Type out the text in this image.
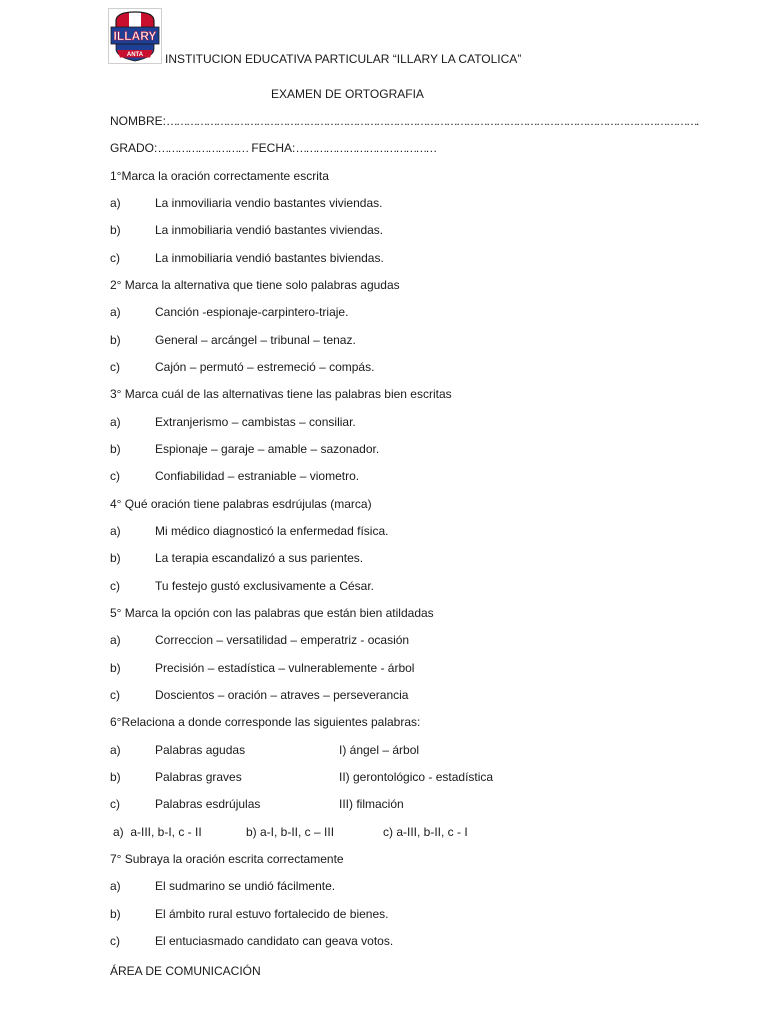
ILLARY
ANTA INSTITUCION EDUCATIVA PARTICULAR “ILLARY LA CATOLICA”
EXAMEN DE ORTOGRAFIA
NOMBRE:…………………………………………………………………………………………………………………………………………….
GRADO:……………………… FECHA:……………………………………
1°Marca la oración correctamente escrita
a)	La inmoviliaria vendio bastantes viviendas.
b)	La inmobiliaria vendió bastantes viviendas.
c)	La inmobiliaria vendió bastantes biviendas.
2° Marca la alternativa que tiene solo palabras agudas
a)	Canción -espionaje-carpintero-triaje.
b)	General – arcángel – tribunal – tenaz.
c)	Cajón – permutó – estremeció – compás.
3° Marca cuál de las alternativas tiene las palabras bien escritas
a)	Extranjerismo – cambistas – consiliar.
b)	Espionaje – garaje – amable – sazonador.
c)	Confiabilidad – estraniable – viometro.
4° Qué oración tiene palabras esdrújulas (marca)
a)	Mi médico diagnosticó la enfermedad física.
b)	La terapia escandalizó a sus parientes.
c)	Tu festejo gustó exclusivamente a César.
5° Marca la opción con las palabras que están bien atildadas
a)	Correccion – versatilidad – emperatriz - ocasión
b)	Precisión – estadística – vulnerablemente - árbol
c)	Doscientos – oración – atraves – perseverancia
6°Relaciona a donde corresponde las siguientes palabras:
a)	Palabras agudas	I) ángel – árbol
b)	Palabras graves	II) gerontológico - estadística
c)	Palabras esdrújulas	III) filmación
a)  a-III, b-I, c - II	b) a-I, b-II, c – III	c) a-III, b-II, c - I
7° Subraya la oración escrita correctamente
a)	El sudmarino se undió fácilmente.
b)	El ámbito rural estuvo fortalecido de bienes.
c)	El entuciasmado candidato can geava votos.
ÁREA DE COMUNICACIÓN
